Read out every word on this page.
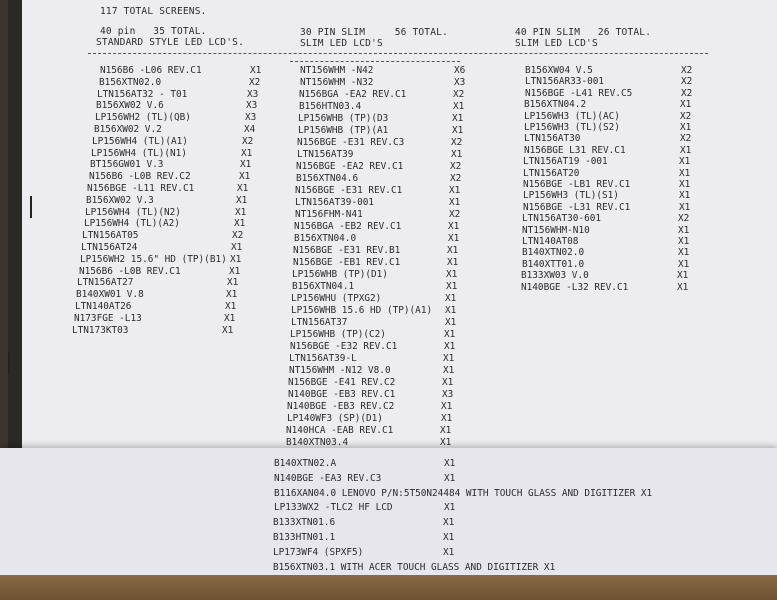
117 TOTAL SCREENS.
40 pin   35 TOTAL.
STANDARD STYLE LED LCD'S.
30 PIN SLIM     56 TOTAL.
SLIM LED LCD'S
40 PIN SLIM   26 TOTAL.
SLIM LED LCD'S
N156B6 -L06 REV.C1	X1
B156XTN02.0	X2
LTN156AT32 - T01	X3
B156XW02 V.6	X3
LP156WH2 (TL)(QB)	X3
B156XW02 V.2	X4
LP156WH4 (TL)(A1)	X2
LP156WH4 (TL)(N1)	X1
BT156GW01 V.3	X1
N156B6 -L0B REV.C2	X1
N156BGE -L11 REV.C1	X1
B156XW02 V.3	X1
LP156WH4 (TL)(N2)	X1
LP156WH4 (TL)(A2)	X1
LTN156AT05	X2
LTN156AT24	X1
LP156WH2 15.6" HD (TP)(B1) X1
N156B6 -L0B REV.C1	X1
LTN156AT27	X1
B140XW01 V.8	X1
LTN140AT26	X1
N173FGE -L13	X1
LTN173KT03	X1
NT156WHM -N42	X6
NT156WHM -N32	X3
N156BGA -EA2 REV.C1	X2
B156HTN03.4	X1
LP156WHB (TP)(D3	X1
LP156WHB (TP)(A1	X1
N156BGE -E31 REV.C3	X2
LTN156AT39	X1
N156BGE -EA2 REV.C1	X2
B156XTN04.6	X2
N156BGE -E31 REV.C1	X1
LTN156AT39-001	X1
NT156FHM-N41	X2
N156BGA -EB2 REV.C1	X1
B156XTN04.0	X1
N156BGE -E31 REV.B1	X1
N156BGE -EB1 REV.C1	X1
LP156WHB (TP)(D1)	X1
B156XTN04.1	X1
LP156WHU (TPXG2)	X1
LP156WHB 15.6 HD (TP)(A1) X1
LTN156AT37	X1
LP156WHB (TP)(C2)	X1
N156BGE -E32 REV.C1	X1
LTN156AT39-L	X1
NT156WHM -N12 V8.0	X1
N156BGE -E41 REV.C2	X1
N140BGE -EB3 REV.C1	X3
N140BGE -EB3 REV.C2	X1
LP140WF3 (SP)(D1)	X1
N140HCA -EAB REV.C1	X1
B140XTN03.4	X1
B156XW04 V.5	X2
LTN156AR33-001	X2
N156BGE -L41 REV.C5	X2
B156XTN04.2	X1
LP156WH3 (TL)(AC)	X2
LP156WH3 (TL)(S2)	X1
LTN156AT30	X2
N156BGE L31 REV.C1	X1
LTN156AT19 -001	X1
LTN156AT20	X1
N156BGE -LB1 REV.C1	X1
LP156WH3 (TL)(S1)	X1
N156BGE -L31 REV.C1	X1
LTN156AT30-601	X2
NT156WHM-N10	X1
LTN140AT08	X1
B140XTN02.0	X1
B140XTT01.0	X1
B133XW03 V.0	X1
N140BGE -L32 REV.C1	X1
B140XTN02.A	X1
N140BGE -EA3 REV.C3	X1
B116XAN04.0 LENOVO P/N:5T50N24484 WITH TOUCH GLASS AND DIGITIZER X1
LP133WX2 -TLC2 HF LCD	X1
B133XTN01.6	X1
B133HTN01.1	X1
LP173WF4 (SPXF5)	X1
B156XTN03.1 WITH ACER TOUCH GLASS AND DIGITIZER X1
